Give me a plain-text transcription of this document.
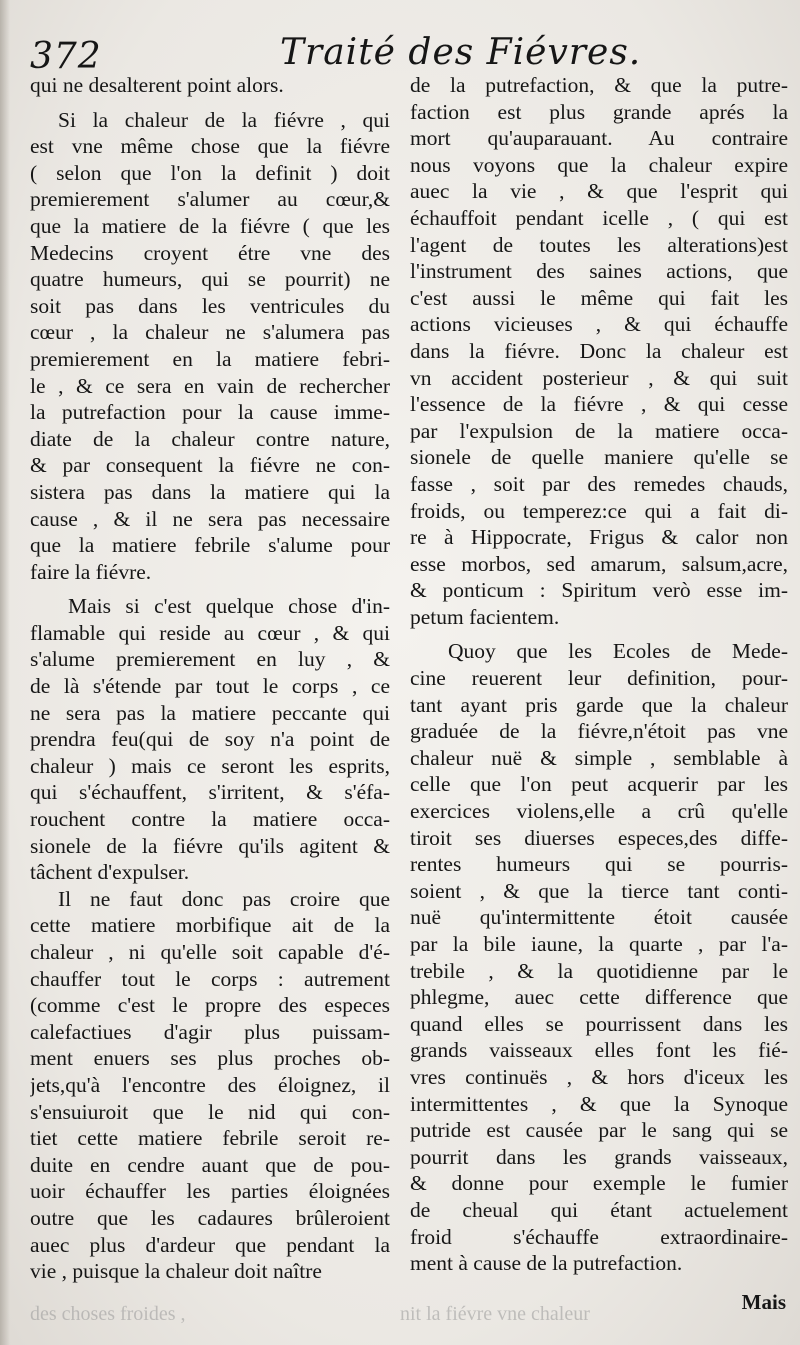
372	Traité des Fiévres.
qui ne desalterent point alors.
Si la chaleur de la fiévre , qui
est vne même chose que la fiévre
( selon que l'on la definit ) doit
premierement s'alumer au cœur,&
que la matiere de la fiévre ( que les
Medecins croyent étre vne des
quatre humeurs, qui se pourrit) ne
soit pas dans les ventricules du
cœur , la chaleur ne s'alumera pas
premierement en la matiere febri-
le , & ce sera en vain de rechercher
la putrefaction pour la cause imme-
diate de la chaleur contre nature,
& par consequent la fiévre ne con-
sistera pas dans la matiere qui la
cause , & il ne sera pas necessaire
que la matiere febrile s'alume pour
faire la fiévre.
Mais si c'est quelque chose d'in-
flamable qui reside au cœur , & qui
s'alume premierement en luy , &
de là s'étende par tout le corps , ce
ne sera pas la matiere peccante qui
prendra feu(qui de soy n'a point de
chaleur ) mais ce seront les esprits,
qui s'échauffent, s'irritent, & s'éfa-
rouchent contre la matiere occa-
sionele de la fiévre qu'ils agitent &
tâchent d'expulser.
Il ne faut donc pas croire que
cette matiere morbifique ait de la
chaleur , ni qu'elle soit capable d'é-
chauffer tout le corps : autrement
(comme c'est le propre des especes
calefactiues d'agir plus puissam-
ment enuers ses plus proches ob-
jets,qu'à l'encontre des éloignez, il
s'ensuiuroit que le nid qui con-
tiet cette matiere febrile seroit re-
duite en cendre auant que de pou-
uoir échauffer les parties éloignées
outre que les cadaures brûleroient
auec plus d'ardeur que pendant la
vie , puisque la chaleur doit naître
de la putrefaction, & que la putre-
faction est plus grande aprés la
mort qu'auparauant. Au contraire
nous voyons que la chaleur expire
auec la vie , & que l'esprit qui
échauffoit pendant icelle , ( qui est
l'agent de toutes les alterations)est
l'instrument des saines actions, que
c'est aussi le même qui fait les
actions vicieuses , & qui échauffe
dans la fiévre. Donc la chaleur est
vn accident posterieur , & qui suit
l'essence de la fiévre , & qui cesse
par l'expulsion de la matiere occa-
sionele de quelle maniere qu'elle se
fasse , soit par des remedes chauds,
froids, ou temperez:ce qui a fait di-
re à Hippocrate, Frigus & calor non
esse morbos, sed amarum, salsum,acre,
& ponticum : Spiritum verò esse im-
petum facientem.
Quoy que les Ecoles de Mede-
cine reuerent leur definition, pour-
tant ayant pris garde que la chaleur
graduée de la fiévre,n'étoit pas vne
chaleur nuë & simple , semblable à
celle que l'on peut acquerir par les
exercices violens,elle a crû qu'elle
tiroit ses diuerses especes,des diffe-
rentes humeurs qui se pourris-
soient , & que la tierce tant conti-
nuë qu'intermittente étoit causée
par la bile iaune, la quarte , par l'a-
trebile , & la quotidienne par le
phlegme, auec cette difference que
quand elles se pourrissent dans les
grands vaisseaux elles font les fié-
vres continuës , & hors d'iceux les
intermittentes , & que la Synoque
putride est causée par le sang qui se
pourrit dans les grands vaisseaux,
& donne pour exemple le fumier
de cheual qui étant actuelement
froid s'échauffe extraordinaire-
ment à cause de la putrefaction.
des choses froides ,	nit la fiévre vne chaleur	Mais
